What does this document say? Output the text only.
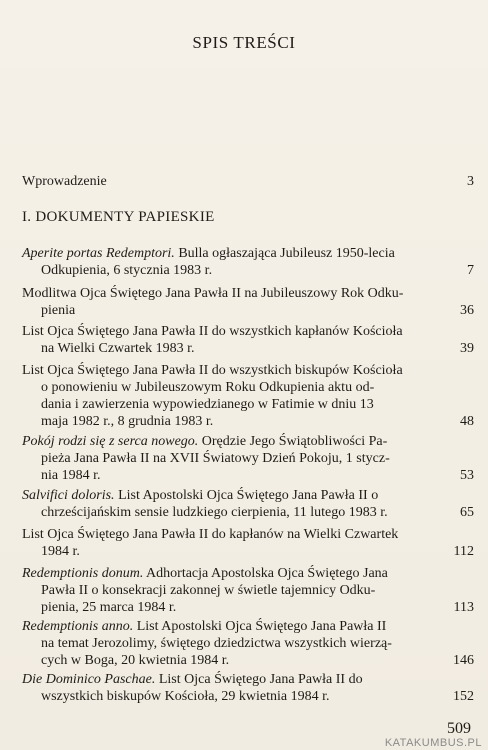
SPIS TREŚCI
Wprowadzenie	3
I. DOKUMENTY PAPIESKIE
Aperite portas Redemptori. Bulla ogłaszająca Jubileusz 1950-lecia
Odkupienia, 6 stycznia 1983 r.	7
Modlitwa Ojca Świętego Jana Pawła II na Jubileuszowy Rok Odku-
pienia	36
List Ojca Świętego Jana Pawła II do wszystkich kapłanów Kościoła
na Wielki Czwartek 1983 r.	39
List Ojca Świętego Jana Pawła II do wszystkich biskupów Kościoła
o ponowieniu w Jubileuszowym Roku Odkupienia aktu od-
dania i zawierzenia wypowiedzianego w Fatimie w dniu 13
maja 1982 r., 8 grudnia 1983 r.	48
Pokój rodzi się z serca nowego. Orędzie Jego Świątobliwości Pa-
pieża Jana Pawła II na XVII Światowy Dzień Pokoju, 1 stycz-
nia 1984 r.	53
Salvifici doloris. List Apostolski Ojca Świętego Jana Pawła II o
chrześcijańskim sensie ludzkiego cierpienia, 11 lutego 1983 r.	65
List Ojca Świętego Jana Pawła II do kapłanów na Wielki Czwartek
1984 r.	112
Redemptionis donum. Adhortacja Apostolska Ojca Świętego Jana
Pawła II o konsekracji zakonnej w świetle tajemnicy Odku-
pienia, 25 marca 1984 r.	113
Redemptionis anno. List Apostolski Ojca Świętego Jana Pawła II
na temat Jerozolimy, świętego dziedzictwa wszystkich wierzą-
cych w Boga, 20 kwietnia 1984 r.	146
Die Dominico Paschae. List Ojca Świętego Jana Pawła II do
wszystkich biskupów Kościoła, 29 kwietnia 1984 r.	152
509
KATAKUMBUS.PL
